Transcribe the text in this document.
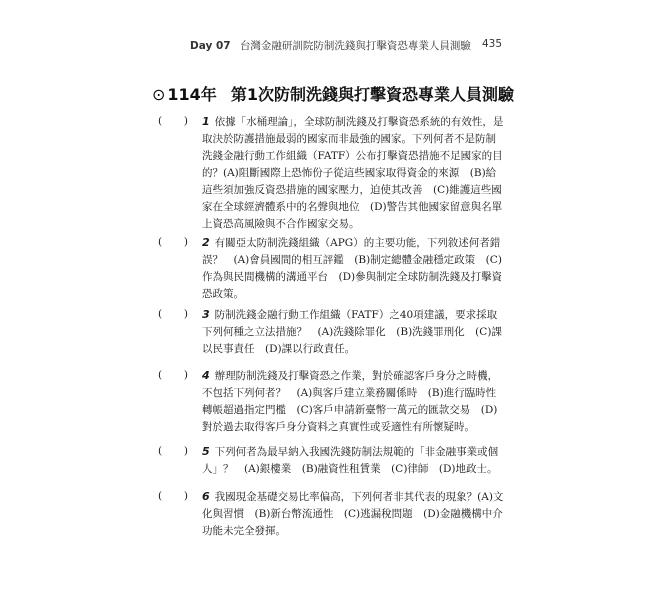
Day 07 台灣金融研訓院防制洗錢與打擊資恐專業人員測驗 435
⊙ 114年 第1次防制洗錢與打擊資恐專業人員測驗
( ) 1 依據「水桶理論」，全球防制洗錢及打擊資恐系統的有效性，是取決於防護措施最弱的國家而非最強的國家。下列何者不是防制洗錢金融行動工作組織（FATF）公布打擊資恐措施不足國家的目的？(A)阻斷國際上恐怖份子從這些國家取得資金的來源　(B)給這些須加強反資恐措施的國家壓力，迫使其改善　(C)維護這些國家在全球經濟體系中的名聲與地位　(D)警告其他國家留意與名單上資恐高風險與不合作國家交易。
( ) 2 有關亞太防制洗錢組織（APG）的主要功能，下列敘述何者錯誤？　(A)會員國間的相互評鑑　(B)制定總體金融穩定政策　(C)作為與民間機構的溝通平台　(D)參與制定全球防制洗錢及打擊資恐政策。
( ) 3 防制洗錢金融行動工作組織（FATF）之40項建議，要求採取下列何種之立法措施？　(A)洗錢除罪化　(B)洗錢罪刑化　(C)課以民事責任　(D)課以行政責任。
( ) 4 辦理防制洗錢及打擊資恐之作業，對於確認客戶身分之時機，不包括下列何者？　(A)與客戶建立業務關係時　(B)進行臨時性轉帳超過指定門檻　(C)客戶申請新臺幣一萬元的匯款交易　(D)對於過去取得客戶身分資料之真實性或妥適性有所懷疑時。
( ) 5 下列何者為最早納入我國洗錢防制法規範的「非金融事業或個人」？　(A)銀樓業　(B)融資性租賃業　(C)律師　(D)地政士。
( ) 6 我國現金基礎交易比率偏高，下列何者非其代表的現象？(A)文化與習慣　(B)新台幣流通性　(C)逃漏稅問題　(D)金融機構中介功能未完全發揮。
